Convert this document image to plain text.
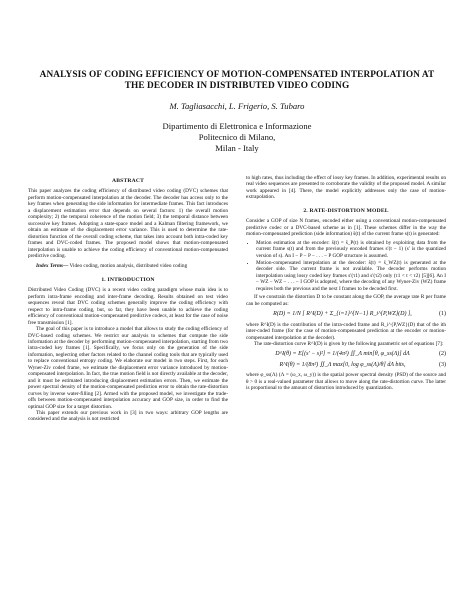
ANALYSIS OF CODING EFFICIENCY OF MOTION-COMPENSATED INTERPOLATION AT THE DECODER IN DISTRIBUTED VIDEO CODING
M. Tagliasacchi, L. Frigerio, S. Tubaro
Dipartimento di Elettronica e Informazione
Politecnico di Milano,
Milan - Italy
ABSTRACT

This paper analyzes the coding efficiency of distributed video coding (DVC) schemes that perform motion-compensated interpolation at the decoder. The decoder has access only to the key frames when generating the side information for intermediate frames. This fact introduces a displacement estimation error that depends on several factors: 1) the overall motion complexity; 2) the temporal coherence of the motion field; 3) the temporal distance between successive key frames. Adopting a state-space model and a Kalman filtering framework, we obtain an estimate of the displacement error variance. This is used to determine the rate-distortion function of the overall coding scheme, that takes into account both intra-coded key frames and DVC-coded frames. The proposed model shows that motion-compensated interpolation is unable to achieve the coding efficiency of conventional motion-compensated predictive coding.

Index Terms— Video coding, motion analysis, distributed video coding

1. INTRODUCTION

Distributed Video Coding (DVC) is a recent video coding paradigm whose main idea is to perform intra-frame encoding and inter-frame decoding. Results obtained on test video sequences reveal that DVC coding schemes generally improve the coding efficiency with respect to intra-frame coding, but, so far, they have been unable to achieve the coding efficiency of conventional motion-compensated predictive codecs, at least for the case of noise free transmission [1].

The goal of this paper is to introduce a model that allows to study the coding efficiency of DVC-based coding schemes. We restrict our analysis to schemes that compute the side information at the decoder by performing motion-compensated interpolation, starting from two intra-coded key frames [1]. Specifically, we focus only on the generation of the side information, neglecting other factors related to the channel coding tools that are typically used to replace conventional entropy coding. We elaborate our model in two steps. First, for each Wyner-Ziv coded frame, we estimate the displacement error variance introduced by motion-compensated interpolation. In fact, the true motion field is not directly available at the decoder, and it must be estimated introducing displacement estimation errors. Then, we estimate the power spectral density of the motion-compensated prediction error to obtain the rate-distortion curves by inverse water-filling [2]. Armed with the proposed model, we investigate the trade-offs between motion-compensated interpolation accuracy and GOP size, in order to find the optimal GOP size for a target distortion.

This paper extends our previous work in [3] in two ways: arbitrary GOP lengths are considered and the analysis is not restricted

to high rates, thus including the effect of lossy key frames. In addition, experimental results on real video sequences are presented to corroborate the validity of the proposed model. A similar work appeared in [4]. There, the model explicitly addresses only the case of motion-extrapolation.

2. RATE-DISTORTION MODEL

Consider a GOP of size N frames, encoded either using a conventional motion-compensated predictive codec or a DVC-based scheme as in [1]. These schemes differ in the way the motion-compensated prediction (side information) ŝ(t) of the current frame s(t) is generated:

• Motion estimation at the encoder: ŝ(t) = ŝ_P(t) is obtained by exploiting data from the current frame s(t) and from the previously encoded frames s′(t − 1) (s′ is the quantized version of s). An I − P − P − . . . − P GOP structure is assumed.
• Motion-compensated interpolation at the decoder: ŝ(t) = ŝ_WZ(t) is generated at the decoder side. The current frame is not available. The decoder performs motion interpolation using lossy coded key frames s′(τ1) and s′(τ2) only (τ1 < t < τ2) [5][6]. An I − WZ − WZ − . . . − I GOP is adopted, where the decoding of any Wyner-Ziv (WZ) frame requires both the previous and the next I frames to be decoded first.

If we constrain the distortion D to be constant along the GOP, the average rate R per frame can be computed as:

R(D) = 1/N [ R^I(D) + Σ_{i=1}^{N−1} R_i^{P,WZ}(D) ],	(1)

where R^I(D) is the contribution of the intra-coded frame and R_i^{P,WZ}(D) that of the ith inter-coded frame (for the case of motion-compensated prediction at the encoder or motion-compensated interpolation at the decoder).

The rate-distortion curve R^I(D) is given by the following parametric set of equations [7]:

D^I(θ) = E[(s′ − s)²] = 1/(4π²) ∬_Λ min[θ, φ_ss(Λ)] dΛ	(2)
R^I(θ) = 1/(8π²) ∬_Λ max[0, log φ_ss(Λ)/θ] dΛ bits,	(3)

where φ_ss(Λ) (Λ = (ω_x, ω_y)) is the spatial power spectral density (PSD) of the source and θ > 0 is a real-valued parameter that allows to move along the rate-distortion curve. The latter is proportional to the amount of distortion introduced by quantization.
